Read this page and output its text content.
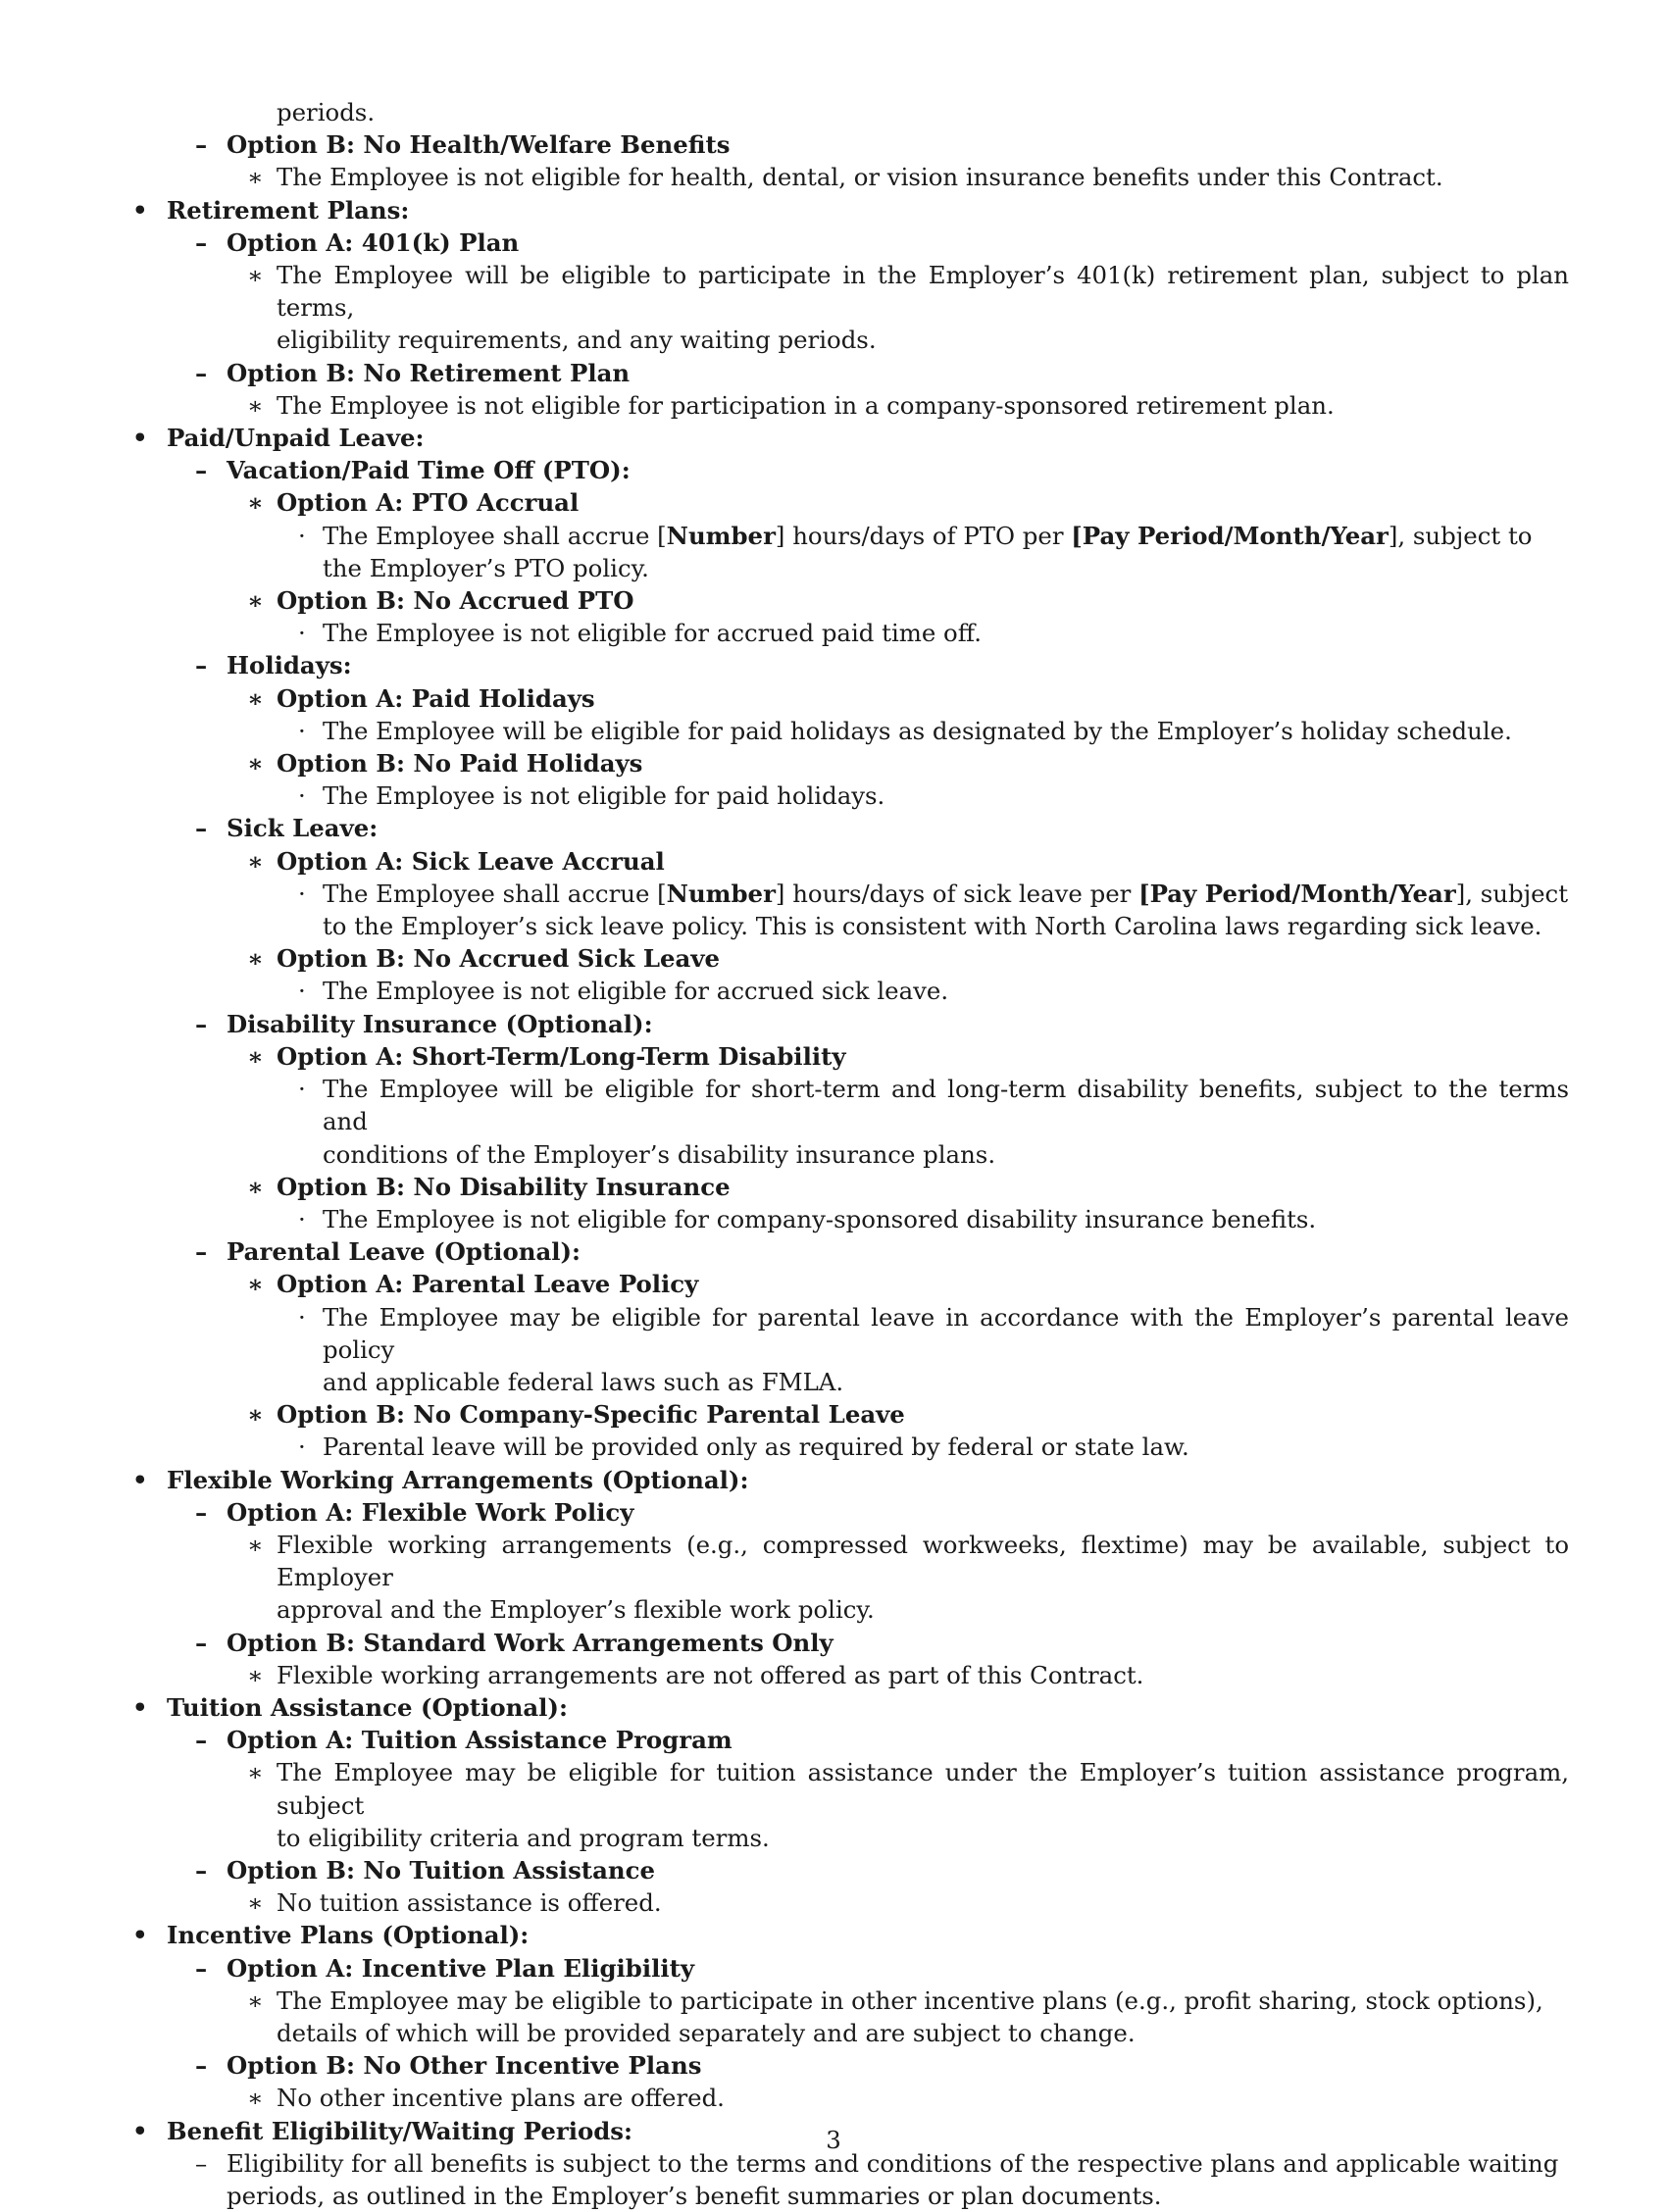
periods.
– Option B: No Health/Welfare Benefits
∗ The Employee is not eligible for health, dental, or vision insurance benefits under this Contract.
• Retirement Plans:
– Option A: 401(k) Plan
∗ The Employee will be eligible to participate in the Employer’s 401(k) retirement plan, subject to plan terms,
eligibility requirements, and any waiting periods.
– Option B: No Retirement Plan
∗ The Employee is not eligible for participation in a company-sponsored retirement plan.
• Paid/Unpaid Leave:
– Vacation/Paid Time Off (PTO):
∗ Option A: PTO Accrual
· The Employee shall accrue [Number] hours/days of PTO per [Pay Period/Month/Year], subject to
the Employer’s PTO policy.
∗ Option B: No Accrued PTO
· The Employee is not eligible for accrued paid time off.
– Holidays:
∗ Option A: Paid Holidays
· The Employee will be eligible for paid holidays as designated by the Employer’s holiday schedule.
∗ Option B: No Paid Holidays
· The Employee is not eligible for paid holidays.
– Sick Leave:
∗ Option A: Sick Leave Accrual
· The Employee shall accrue [Number] hours/days of sick leave per [Pay Period/Month/Year], subject
to the Employer’s sick leave policy. This is consistent with North Carolina laws regarding sick leave.
∗ Option B: No Accrued Sick Leave
· The Employee is not eligible for accrued sick leave.
– Disability Insurance (Optional):
∗ Option A: Short-Term/Long-Term Disability
· The Employee will be eligible for short-term and long-term disability benefits, subject to the terms and
conditions of the Employer’s disability insurance plans.
∗ Option B: No Disability Insurance
· The Employee is not eligible for company-sponsored disability insurance benefits.
– Parental Leave (Optional):
∗ Option A: Parental Leave Policy
· The Employee may be eligible for parental leave in accordance with the Employer’s parental leave policy
and applicable federal laws such as FMLA.
∗ Option B: No Company-Specific Parental Leave
· Parental leave will be provided only as required by federal or state law.
• Flexible Working Arrangements (Optional):
– Option A: Flexible Work Policy
∗ Flexible working arrangements (e.g., compressed workweeks, flextime) may be available, subject to Employer
approval and the Employer’s flexible work policy.
– Option B: Standard Work Arrangements Only
∗ Flexible working arrangements are not offered as part of this Contract.
• Tuition Assistance (Optional):
– Option A: Tuition Assistance Program
∗ The Employee may be eligible for tuition assistance under the Employer’s tuition assistance program, subject
to eligibility criteria and program terms.
– Option B: No Tuition Assistance
∗ No tuition assistance is offered.
• Incentive Plans (Optional):
– Option A: Incentive Plan Eligibility
∗ The Employee may be eligible to participate in other incentive plans (e.g., profit sharing, stock options),
details of which will be provided separately and are subject to change.
– Option B: No Other Incentive Plans
∗ No other incentive plans are offered.
• Benefit Eligibility/Waiting Periods:
– Eligibility for all benefits is subject to the terms and conditions of the respective plans and applicable waiting
periods, as outlined in the Employer’s benefit summaries or plan documents.
3
